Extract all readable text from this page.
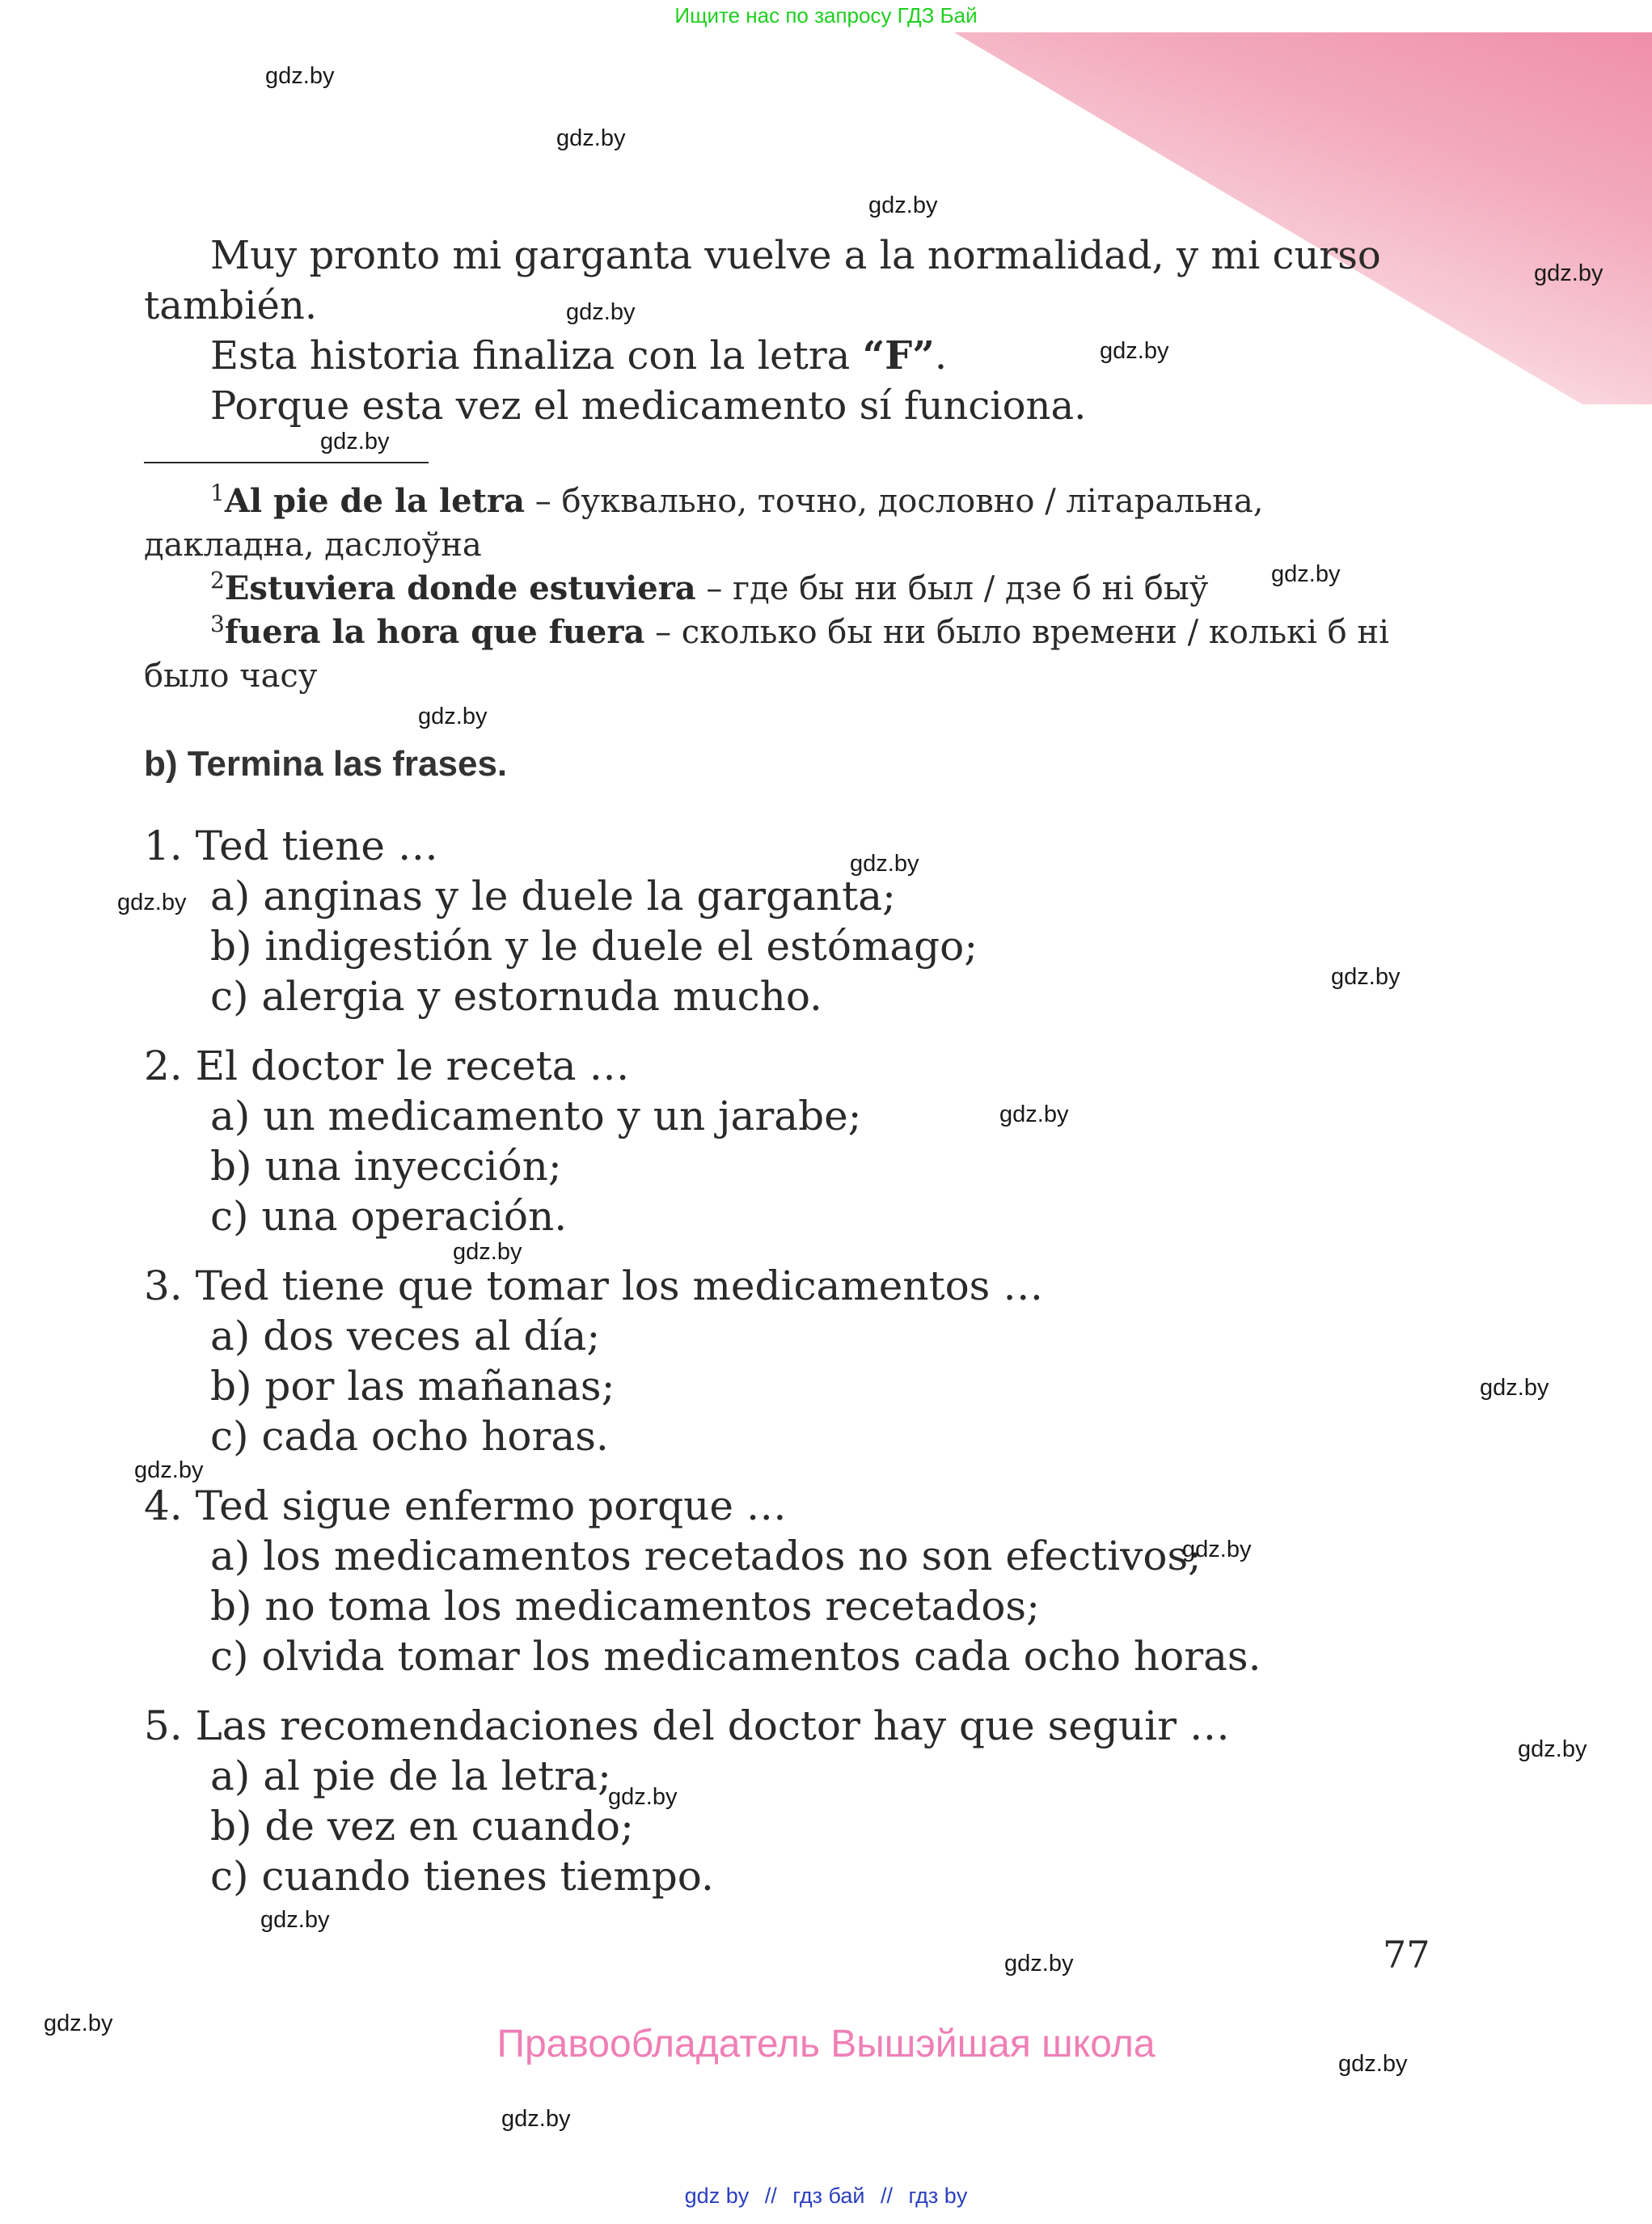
Ищите нас по запросу ГДЗ Бай

Muy pronto mi garganta vuelve a la normalidad, y mi curso también.

Esta historia finaliza con la letra “F”.

Porque esta vez el medicamento sí funciona.

$^1$Al pie de la letra – буквально, точно, дословно / літаральна, дакладна, даслоўна

$^2$Estuviera donde estuviera – где бы ни был / дзе б ні быў

$^3$fuera la hora que fuera – сколько бы ни было времени / колькі б ні было часу

b) Termina las frases.
1. Ted tiene …
a) anginas y le duele la garganta;
b) indigestión y le duele el estómago;
c) alergia y estornuda mucho.
2. El doctor le receta …
a) un medicamento y un jarabe;
b) una inyección;
c) una operación.
3. Ted tiene que tomar los medicamentos …
a) dos veces al día;
b) por las mañanas;
c) cada ocho horas.
4. Ted sigue enfermo porque …
a) los medicamentos recetados no son efectivos;
b) no toma los medicamentos recetados;
c) olvida tomar los medicamentos cada ocho horas.
5. Las recomendaciones del doctor hay que seguir …
a) al pie de la letra;
b) de vez en cuando;
c) cuando tienes tiempo.
77
Правообладатель Вышэйшая школа
gdz by // гдз бай // гдз by
gdz.by
gdz.by
gdz.by
gdz.by
gdz.by
gdz.by
gdz.by
gdz.by
gdz.by
gdz.by
gdz.by
gdz.by
gdz.by
gdz.by
gdz.by
gdz.by
gdz.by
gdz.by
gdz.by
gdz.by
gdz.by
gdz.by
gdz.by
gdz.by
